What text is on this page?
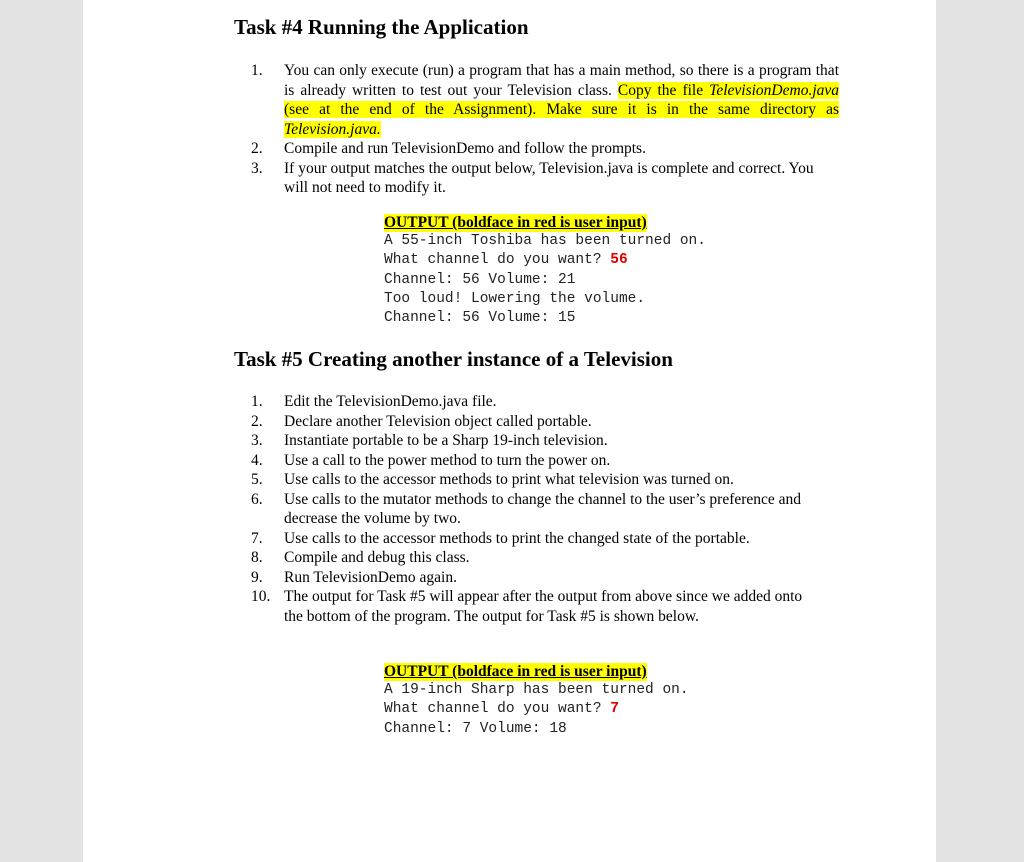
Task #4 Running the Application
1.	You can only execute (run) a program that has a main method, so there is a program that is already written to test out your Television class. Copy the file TelevisionDemo.java (see at the end of the Assignment). Make sure it is in the same directory as Television.java.
2.	Compile and run TelevisionDemo and follow the prompts.
3.	If your output matches the output below, Television.java is complete and correct. You will not need to modify it.
OUTPUT (boldface in red is user input)
A 55-inch Toshiba has been turned on.
What channel do you want? 56
Channel: 56 Volume: 21
Too loud! Lowering the volume.
Channel: 56 Volume: 15
Task #5 Creating another instance of a Television
1.	Edit the TelevisionDemo.java file.
2.	Declare another Television object called portable.
3.	Instantiate portable to be a Sharp 19-inch television.
4.	Use a call to the power method to turn the power on.
5.	Use calls to the accessor methods to print what television was turned on.
6.	Use calls to the mutator methods to change the channel to the user’s preference and decrease the volume by two.
7.	Use calls to the accessor methods to print the changed state of the portable.
8.	Compile and debug this class.
9.	Run TelevisionDemo again.
10. The output for Task #5 will appear after the output from above since we added onto the bottom of the program. The output for Task #5 is shown below.
OUTPUT (boldface in red is user input)
A 19-inch Sharp has been turned on.
What channel do you want? 7
Channel: 7 Volume: 18
